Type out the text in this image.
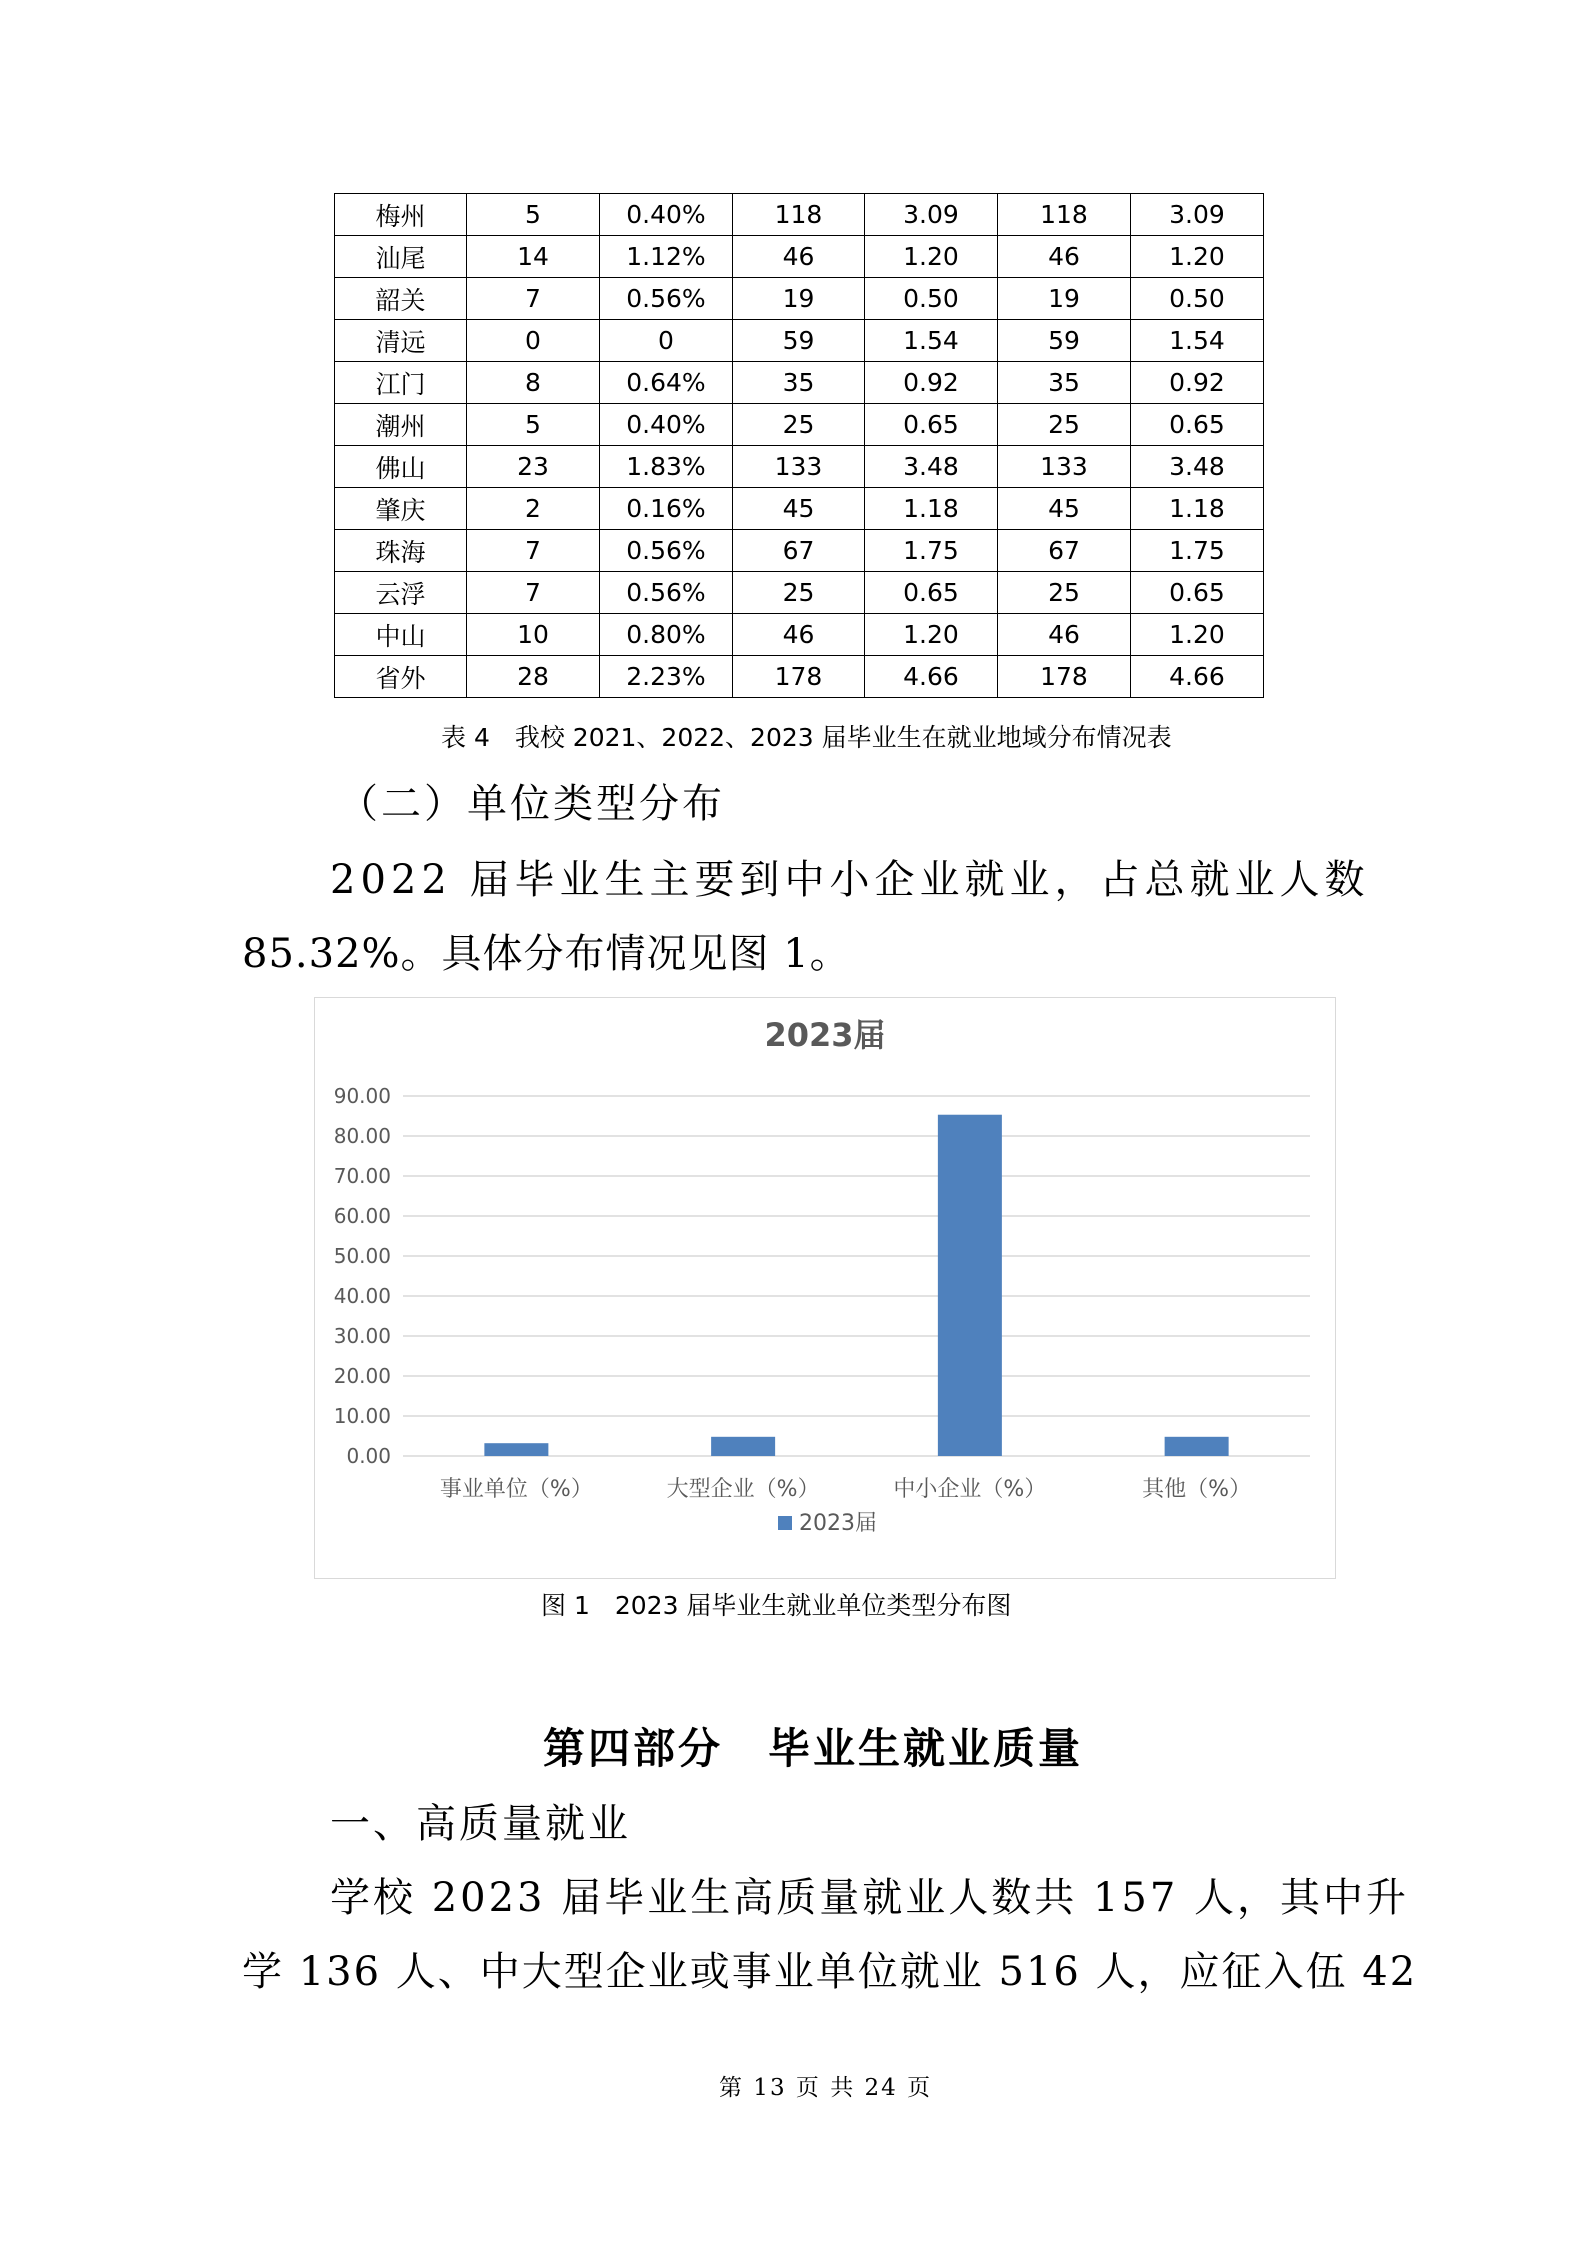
梅州	5	0.40%	118	3.09	118	3.09
汕尾	14	1.12%	46	1.20	46	1.20
韶关	7	0.56%	19	0.50	19	0.50
清远	0	0	59	1.54	59	1.54
江门	8	0.64%	35	0.92	35	0.92
潮州	5	0.40%	25	0.65	25	0.65
佛山	23	1.83%	133	3.48	133	3.48
肇庆	2	0.16%	45	1.18	45	1.18
珠海	7	0.56%	67	1.75	67	1.75
云浮	7	0.56%	25	0.65	25	0.65
中山	10	0.80%	46	1.20	46	1.20
省外	28	2.23%	178	4.66	178	4.66
表 4　我校 2021、2022、2023 届毕业生在就业地域分布情况表
（二）单位类型分布
2022 届毕业生主要到中小企业就业，占总就业人数
85.32%。具体分布情况见图 1。
2023届
0.00
10.00
20.00
30.00
40.00
50.00
60.00
70.00
80.00
90.00
事业单位（%）	大型企业（%）	中小企业（%）	其他（%）
2023届
图 1　2023 届毕业生就业单位类型分布图
第四部分　毕业生就业质量
一、高质量就业
学校 2023 届毕业生高质量就业人数共 157 人，其中升
学 136 人、中大型企业或事业单位就业 516 人，应征入伍 42
第 13 页 共 24 页
